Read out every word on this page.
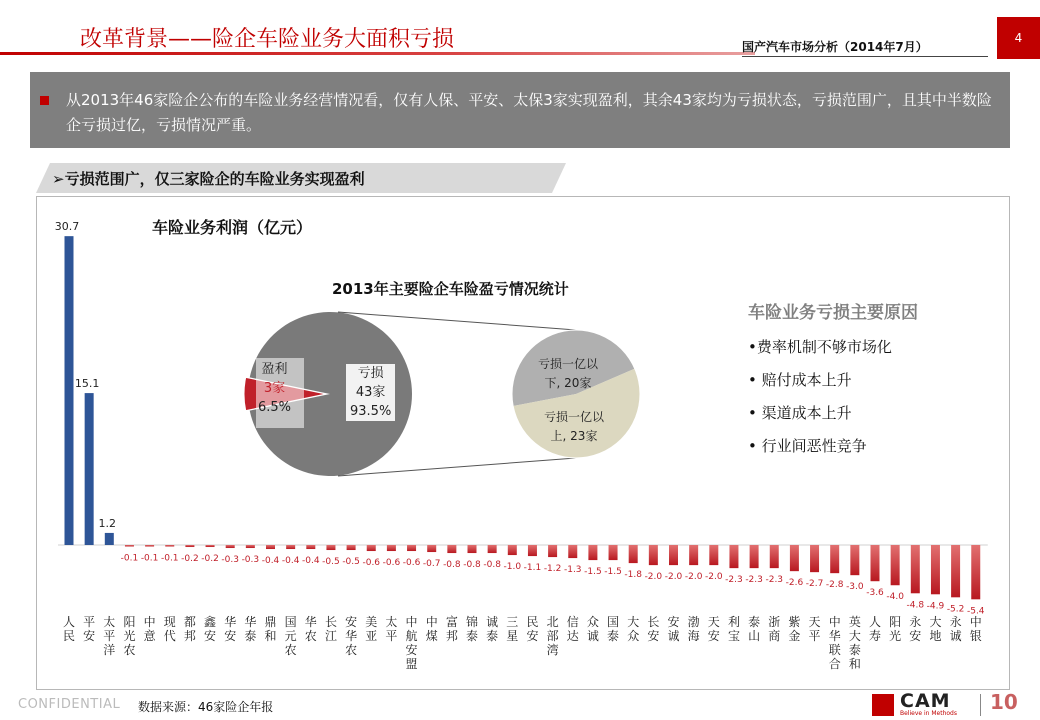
改革背景——险企车险业务大面积亏损	国产汽车市场分析（2014年7月）
4
从2013年46家险企公布的车险业务经营情况看，仅有人保、平安、太保3家实现盈利，其余43家均为亏损状态，亏损范围广，且其中半数险企亏损过亿，亏损情况严重。
➢亏损范围广，仅三家险企的车险业务实现盈利
30.7
人民
15.1
平安
1.2
太平洋
-0.1
阳光农
-0.1
中意
-0.1
现代
-0.2
都邦
-0.2
鑫安
-0.3
华安
-0.3
华泰
-0.4
鼎和
-0.4
国元农
-0.4
华农
-0.5
长江
-0.5
安华农
-0.6
美亚
-0.6
太平
-0.6
中航安盟
-0.7
中煤
-0.8
富邦
-0.8
锦泰
-0.8
诚泰
-1.0
三星
-1.1
民安
-1.2
北部湾
-1.3
信达
-1.5
众诚
-1.5
国泰
-1.8
大众
-2.0
长安
-2.0
安诚
-2.0
渤海
-2.0
天安
-2.3
利宝
-2.3
泰山
-2.3
浙商
-2.6
紫金
-2.7
天平
-2.8
中华联合
-3.0
英大泰和
-3.6
人寿
-4.0
阳光
-4.8
永安
-4.9
大地
-5.2
永诚
-5.4
中银
车险业务利润（亿元）
2013年主要险企车险盈亏情况统计
盈利
3家
6.5%
亏损
43家
93.5%
亏损一亿以
下, 20家
亏损一亿以
上, 23家
车险业务亏损主要原因
•费率机制不够市场化
• 赔付成本上升
• 渠道成本上升
• 行业间恶性竞争
CONFIDENTIAL 数据来源：46家险企年报	CAM
Believe in Methods 10
